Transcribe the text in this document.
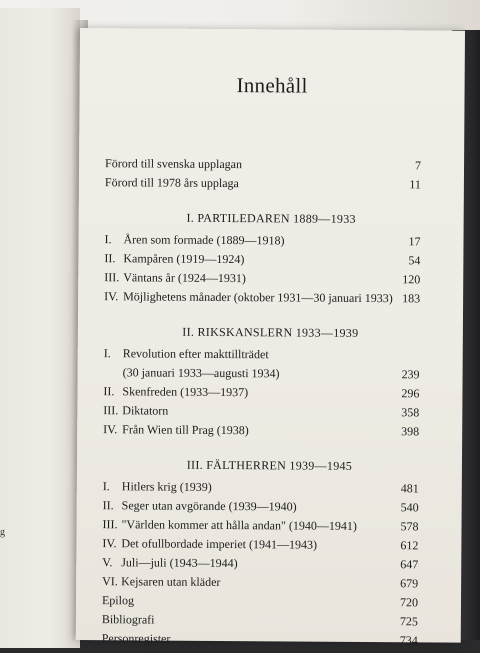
g
Innehåll
Förord till svenska upplagan	7
Förord till 1978 års upplaga	11
I. PARTILEDAREN 1889—1933
I. Åren som formade (1889—1918)	17
II. Kampåren (1919—1924)	54
III. Väntans år (1924—1931)	120
IV. Möjlighetens månader (oktober 1931—30 januari 1933) 183
II. RIKSKANSLERN 1933—1939
I. Revolution efter makttillträdet
(30 januari 1933—augusti 1934)	239
II. Skenfreden (1933—1937)	296
III. Diktatorn	358
IV. Från Wien till Prag (1938)	398
III. FÄLTHERREN 1939—1945
I. Hitlers krig (1939)	481
II. Seger utan avgörande (1939—1940)	540
III. "Världen kommer att hålla andan" (1940—1941)	578
IV. Det ofullbordade imperiet (1941—1943)	612
V. Juli—juli (1943—1944)	647
VI. Kejsaren utan kläder	679
Epilog	720
Bibliografi	725
Personregister	734
